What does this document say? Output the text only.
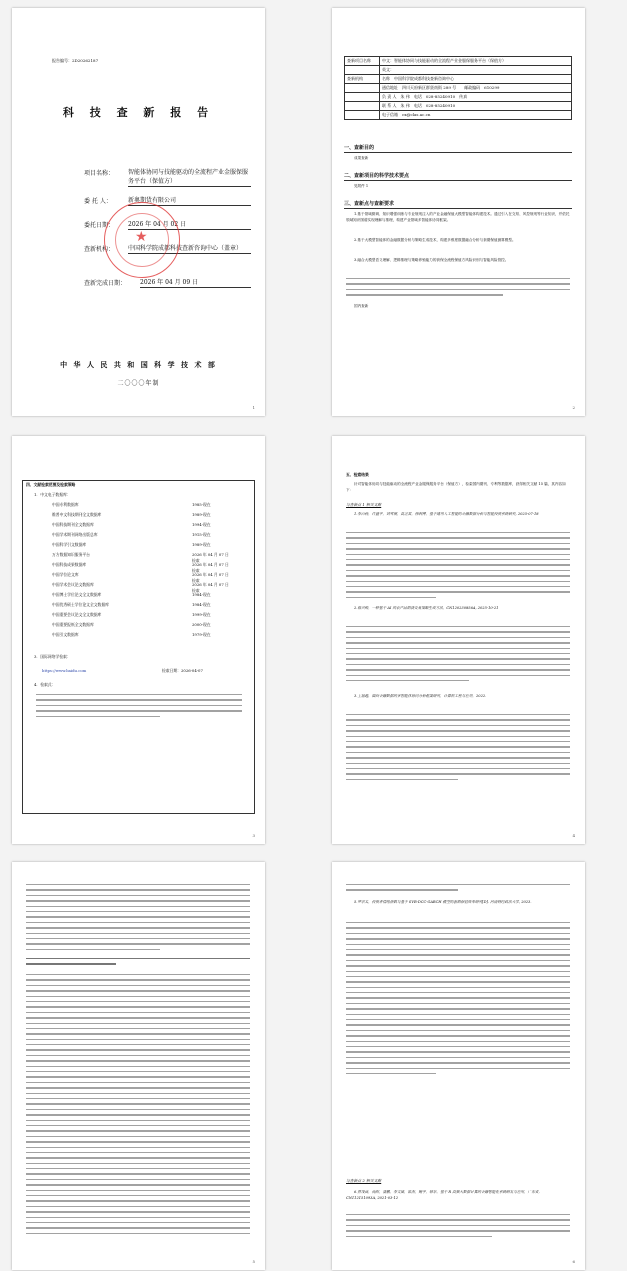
报告编号：2D20262187
科 技 查 新 报 告
项目名称：	智能体协同与技能驱动的全流程产业金服保服务平台（保值方）
委 托 人：	新奥期货有限公司
委托日期：	2026 年 04 月 02 日
查新机构：	中国科学院成都科技查新咨询中心（盖章）
查新完成日期：	2026 年 04 月 09 日
★
中 华 人 民 共 和 国 科 学 技 术 部
二〇〇〇年制
1
查新项目名称	中文：智能体协同与技能驱动的全流程产业金服保服务平台（保值方）
	英文：
查新机构	名称　中国科学院成都科技查新咨询中心
	通信地址　四川天府新区群贤南街 289 号　　邮政编码　610299
	负 责 人　朱 伟　电话　028-85240910　传真
	联 系 人　朱 伟　电话　028-85240910
	电子信箱　cx@clas.ac.cn
一、查新目的
成果查新
二、查新项目的科学技术要点
见附件 1
三、查新点与查新要求
1.基于领域微调、知识增强训练与专业规则注入的产业金融保值大模型智能体构建技术。通过引入在交易、风控规则等行业知识，并依托领域知识图谱实现理解与推理，构建产业领域多智能体协同框架。
2.基于大模型智能体的金融数据分析与策略生成技术，构建多维度数据融合分析与套期保值测算模型。
3.融合大模型语义理解、逻辑推理与策略养殖能力的套保全流程保值方风险识别与智能风险管控。
国内查新
2
四、文献检索范围及检索策略
1．中文电子数据库：
中国专利数据库	1985-现在
维普中文科技期刊全文数据库	1989-现在
中国科技期刊全文数据库	1994-现在
中国学术期刊网络出版总库	1915-现在
中国科学引文数据库	1989-现在
万方数据知识服务平台	2026 年 04 月 07 日检索
中国科技成果数据库	2026 年 04 月 07 日检索
中国学位论文库	2026 年 04 月 07 日检索
中国学术会议论文数据库	2026 年 04 月 07 日检索
中国博士学位论文全文数据库	1984-现在
中国优秀硕士学位论文全文数据库	1984-现在
中国重要会议论文全文数据库	1999-现在
中国重要报纸全文数据库	2000-现在
中国引文数据库	1979-现在
3．国际网络学检索：
https://www.baidu.com	检索日期：2026-04-07
4．检索式：
3
五、检索结果
针对智能体协同与技能驱动的全流程产业金服保服务平台（保值方），检索国内期刊、专利等数据库，获得相关文献 15 篇，其内容如下：
与查新点 1 相关文献
1.李白杨，许盛平，刘雪朋，高芝君，徐利博，基于通用人工智能的金融数据分析与智能投资系统研究, 2025-07-18
2.蒋兴蛟，一种基于 AI 的农产品期货交易策略生成方法，CN120230856A, 2025-10-21
3.王福越，面向金融数据的多智能体协同分析框架研究，计算机工程与应用，2022.
4
5
5.罗宗太，投资者情绪指数与基于 SVR-DCC-GARCH 模型的套期保值效率研究[D]. 河南财经政法大学, 2023.
与查新点 2 相关文献
6.蔡茂诚，尚阳，蒲鹏，李文斌，陈杰，鲍宇，韩东，基于 R 高频大数据计算的金融智能化系统研发与应用，广东省, CN112151093A, 2021-03-12
6
